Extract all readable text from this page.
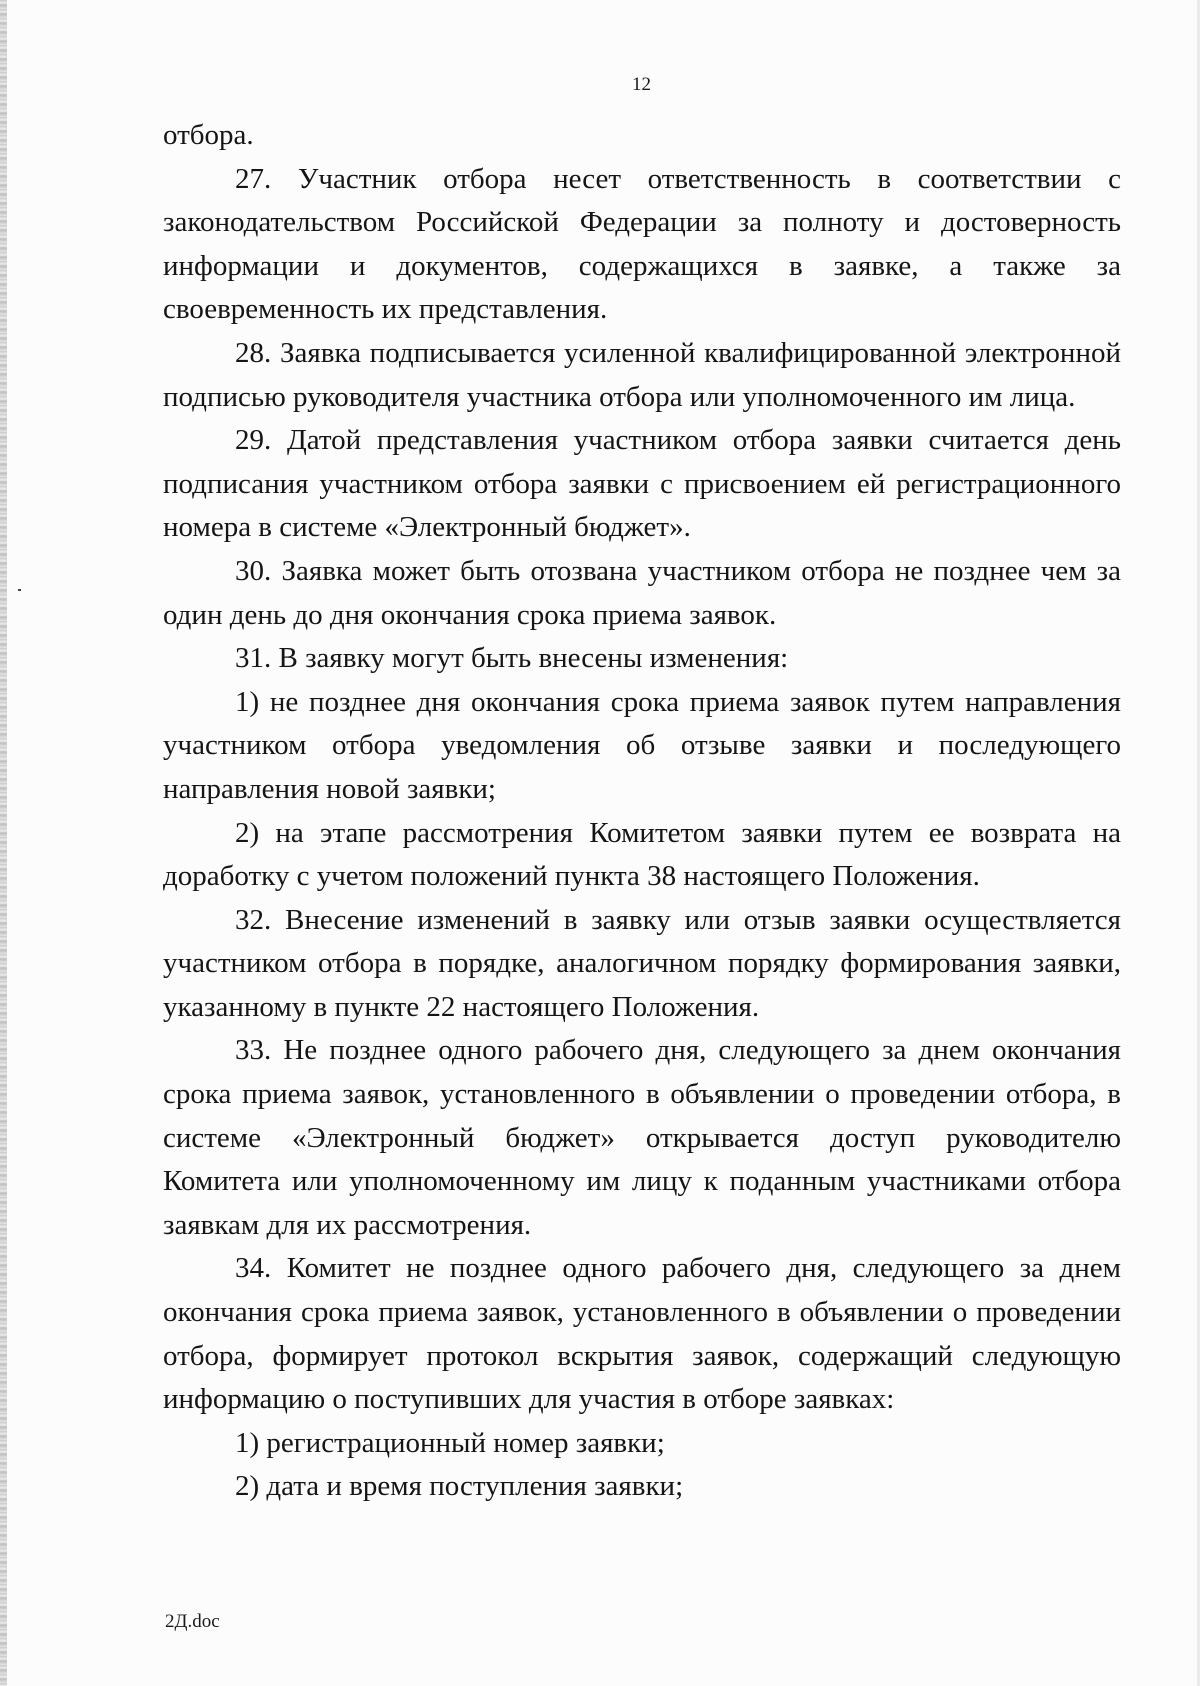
12

отбора.

27. Участник отбора несет ответственность в соответствии с законодательством Российской Федерации за полноту и достоверность информации и документов, содержащихся в заявке, а также за своевременность их представления.

28. Заявка подписывается усиленной квалифицированной электронной подписью руководителя участника отбора или уполномоченного им лица.

29. Датой представления участником отбора заявки считается день подписания участником отбора заявки с присвоением ей регистрационного номера в системе «Электронный бюджет».

30. Заявка может быть отозвана участником отбора не позднее чем за один день до дня окончания срока приема заявок.

31. В заявку могут быть внесены изменения:

1) не позднее дня окончания срока приема заявок путем направления участником отбора уведомления об отзыве заявки и последующего направления новой заявки;

2) на этапе рассмотрения Комитетом заявки путем ее возврата на доработку с учетом положений пункта 38 настоящего Положения.

32. Внесение изменений в заявку или отзыв заявки осуществляется участником отбора в порядке, аналогичном порядку формирования заявки, указанному в пункте 22 настоящего Положения.

33. Не позднее одного рабочего дня, следующего за днем окончания срока приема заявок, установленного в объявлении о проведении отбора, в системе «Электронный бюджет» открывается доступ руководителю Комитета или уполномоченному им лицу к поданным участниками отбора заявкам для их рассмотрения.

34. Комитет не позднее одного рабочего дня, следующего за днем окончания срока приема заявок, установленного в объявлении о проведении отбора, формирует протокол вскрытия заявок, содержащий следующую информацию о поступивших для участия в отборе заявках:

1) регистрационный номер заявки;

2) дата и время поступления заявки;

2Д.doc
